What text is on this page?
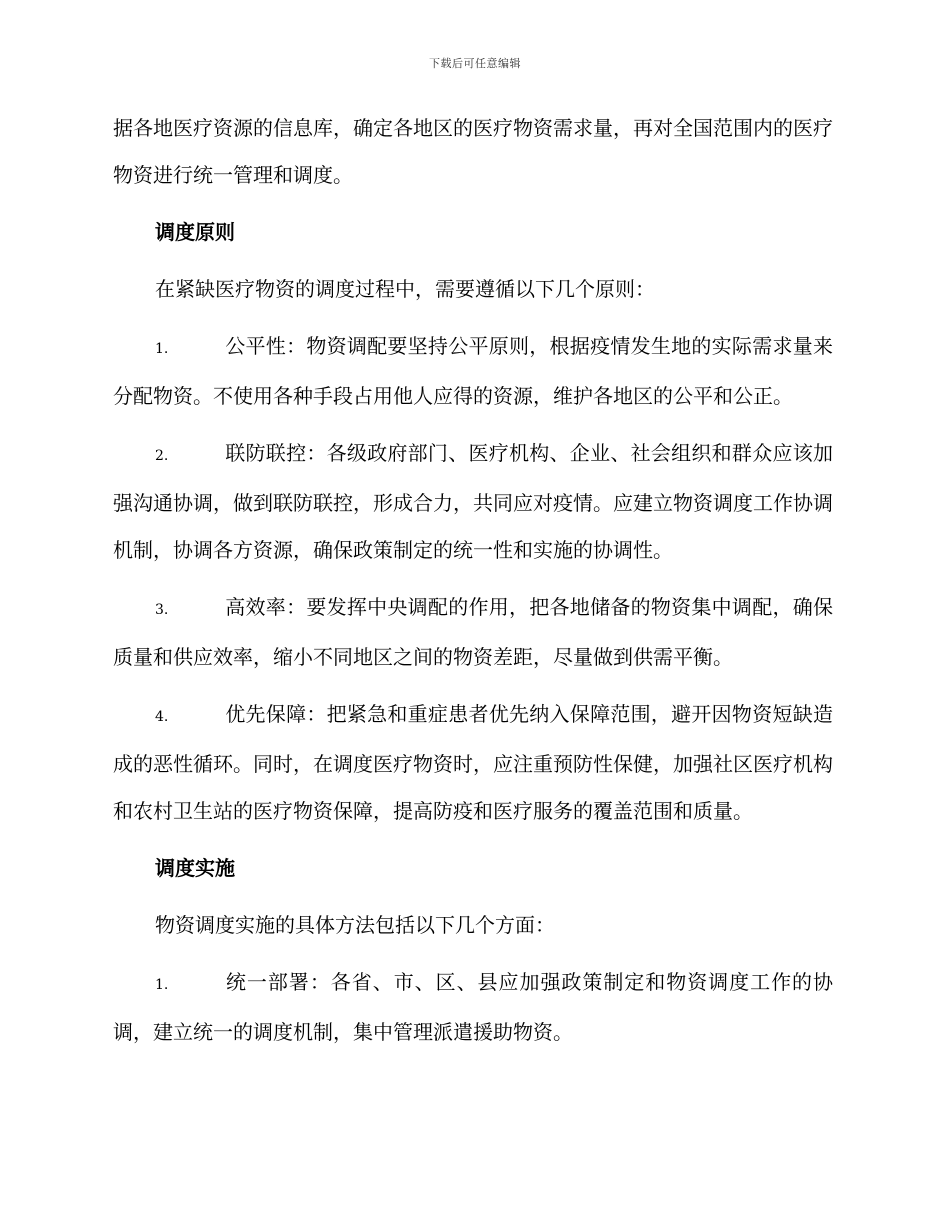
下载后可任意编辑

据各地医疗资源的信息库，确定各地区的医疗物资需求量，再对全国范围内的医疗物资进行统一管理和调度。

调度原则

在紧缺医疗物资的调度过程中，需要遵循以下几个原则：

1.	公平性：物资调配要坚持公平原则，根据疫情发生地的实际需求量来分配物资。不使用各种手段占用他人应得的资源，维护各地区的公平和公正。

2.	联防联控：各级政府部门、医疗机构、企业、社会组织和群众应该加强沟通协调，做到联防联控，形成合力，共同应对疫情。应建立物资调度工作协调机制，协调各方资源，确保政策制定的统一性和实施的协调性。

3.	高效率：要发挥中央调配的作用，把各地储备的物资集中调配，确保质量和供应效率，缩小不同地区之间的物资差距，尽量做到供需平衡。

4.	优先保障：把紧急和重症患者优先纳入保障范围，避开因物资短缺造成的恶性循环。同时，在调度医疗物资时，应注重预防性保健，加强社区医疗机构和农村卫生站的医疗物资保障，提高防疫和医疗服务的覆盖范围和质量。

调度实施

物资调度实施的具体方法包括以下几个方面：

1.	统一部署：各省、市、区、县应加强政策制定和物资调度工作的协调，建立统一的调度机制，集中管理派遣援助物资。
